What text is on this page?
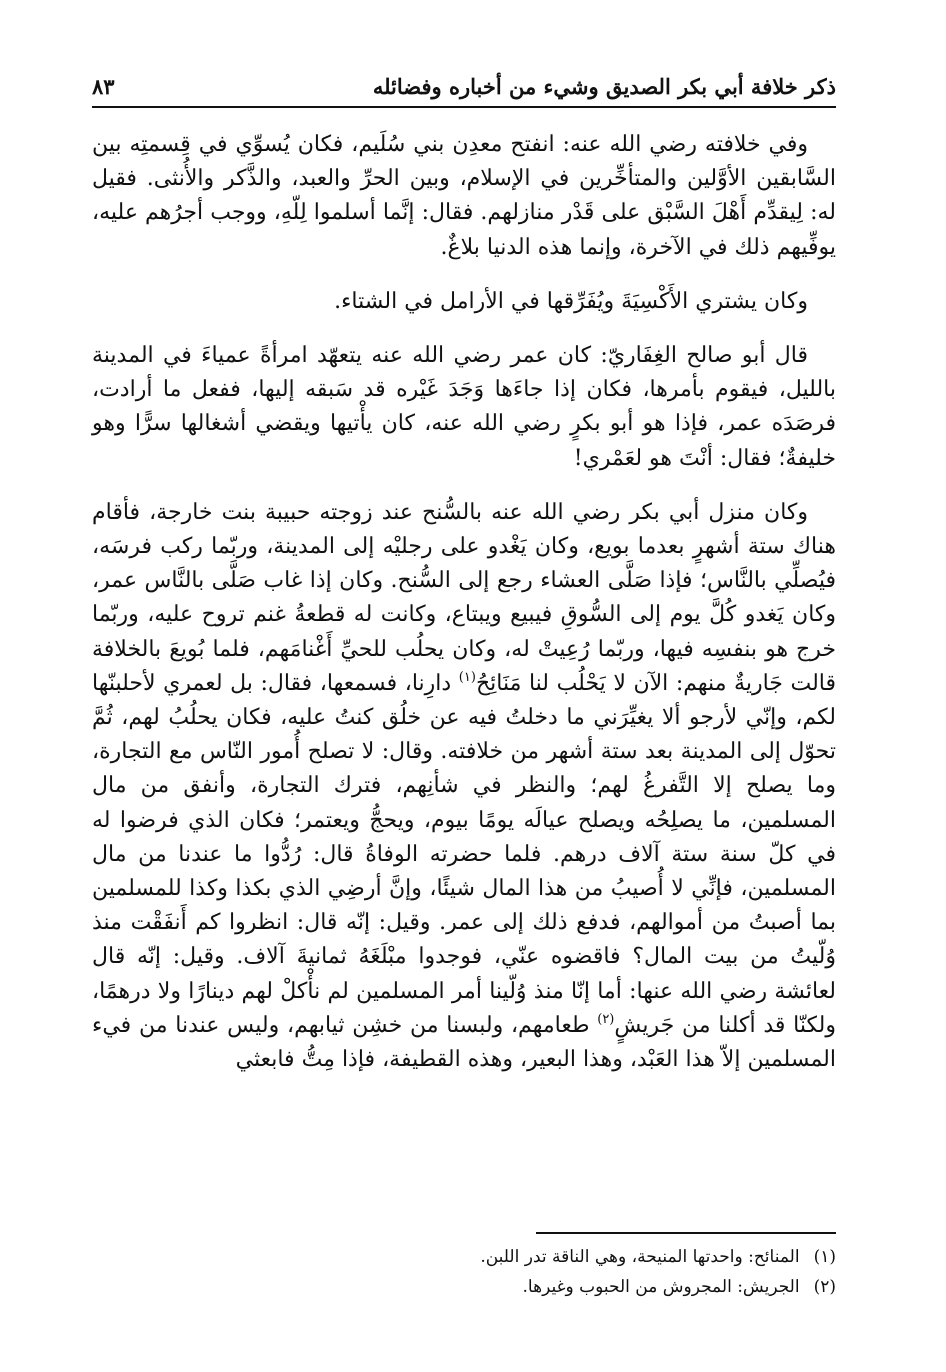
ذكر خلافة أبي بكر الصديق وشيء من أخباره وفضائله
٨٣

وفي خلافته رضي الله عنه: انفتح معدِن بني سُلَيم، فكان يُسوِّي في قِسمتِه بين السَّابقين الأوَّلين والمتأخِّرين في الإسلام، وبين الحرِّ والعبد، والذَّكر والأُنثى. فقيل له: لِيقدِّم أَهْلَ السَّبْق على قَدْر منازلهم. فقال: إنَّما أسلموا لِلّهِ، ووجب أجرُهم عليه، يوفِّيهم ذلك في الآخرة، وإنما هذه الدنيا بلاغٌ.

وكان يشتري الأَكْسِيَةَ ويُفَرِّقها في الأرامل في الشتاء.

قال أبو صالح الغِفَاريّ: كان عمر رضي الله عنه يتعهّد امرأةً عمياءَ في المدينة بالليل، فيقوم بأمرها، فكان إذا جاءَها وَجَدَ غَيْره قد سَبقه إليها، ففعل ما أرادت، فرصَدَه عمر، فإذا هو أبو بكرٍ رضي الله عنه، كان يأْتيها ويقضي أشغالها سرًّا وهو خليفةٌ؛ فقال: أنْتَ هو لعَمْري!

وكان منزل أبي بكر رضي الله عنه بالسُّنح عند زوجته حبيبة بنت خارجة، فأقام هناك ستة أشهرٍ بعدما بويع، وكان يَغْدو على رجليْه إلى المدينة، وربّما ركب فرسَه، فيُصلِّي بالنَّاس؛ فإذا صَلَّى العشاء رجع إلى السُّنح. وكان إذا غاب صَلَّى بالنَّاس عمر، وكان يَغدو كُلَّ يوم إلى السُّوقِ فيبيع ويبتاع، وكانت له قطعةُ غنم تروح عليه، وربّما خرج هو بنفسِه فيها، وربّما رُعِيتْ له، وكان يحلُب للحيِّ أَغْنامَهم، فلما بُويعَ بالخلافة قالت جَاريةٌ منهم: الآن لا يَحْلُب لنا مَنَائِحُ$^{(١)}$ دارِنا، فسمعها، فقال: بل لعمري لأحلبنّها لكم، وإنّي لأرجو ألا يغيِّرَني ما دخلتُ فيه عن خلُق كنتُ عليه، فكان يحلُبُ لهم، ثُمَّ تحوّل إلى المدينة بعد ستة أشهر من خلافته. وقال: لا تصلح أُمور النّاس مع التجارة، وما يصلح إلا التَّفرغُ لهم؛ والنظر في شأنِهم، فترك التجارة، وأنفق من مال المسلمين، ما يصلِحُه ويصلح عيالَه يومًا بيوم، ويحجُّ ويعتمر؛ فكان الذي فرضوا له في كلّ سنة ستة آلاف درهم. فلما حضرته الوفاةُ قال: رُدُّوا ما عندنا من مال المسلمين، فإنِّي لا أُصيبُ من هذا المال شيئًا، وإنَّ أرضِي الذي بكذا وكذا للمسلمين بما أصبتُ من أموالهم، فدفع ذلك إلى عمر. وقيل: إنّه قال: انظروا كم أَنفَقْت منذ وُلّيتُ من بيت المال؟ فاقضوه عنّي، فوجدوا مبْلَغَهُ ثمانيةَ آلاف. وقيل: إنّه قال لعائشة رضي الله عنها: أما إنّا منذ وُلّينا أمر المسلمين لم نأْكلْ لهم دينارًا ولا درهمًا، ولكنّا قد أكلنا من جَريشٍ$^{(٢)}$ طعامهم، ولبسنا من خشِن ثيابهم، وليس عندنا من فيء المسلمين إلاّ هذا العَبْد، وهذا البعير، وهذه القطيفة، فإذا مِتُّ فابعثي

(١)
المنائح: واحدتها المنيحة، وهي الناقة تدر اللبن.
(٢)
الجريش: المجروش من الحبوب وغيرها.
